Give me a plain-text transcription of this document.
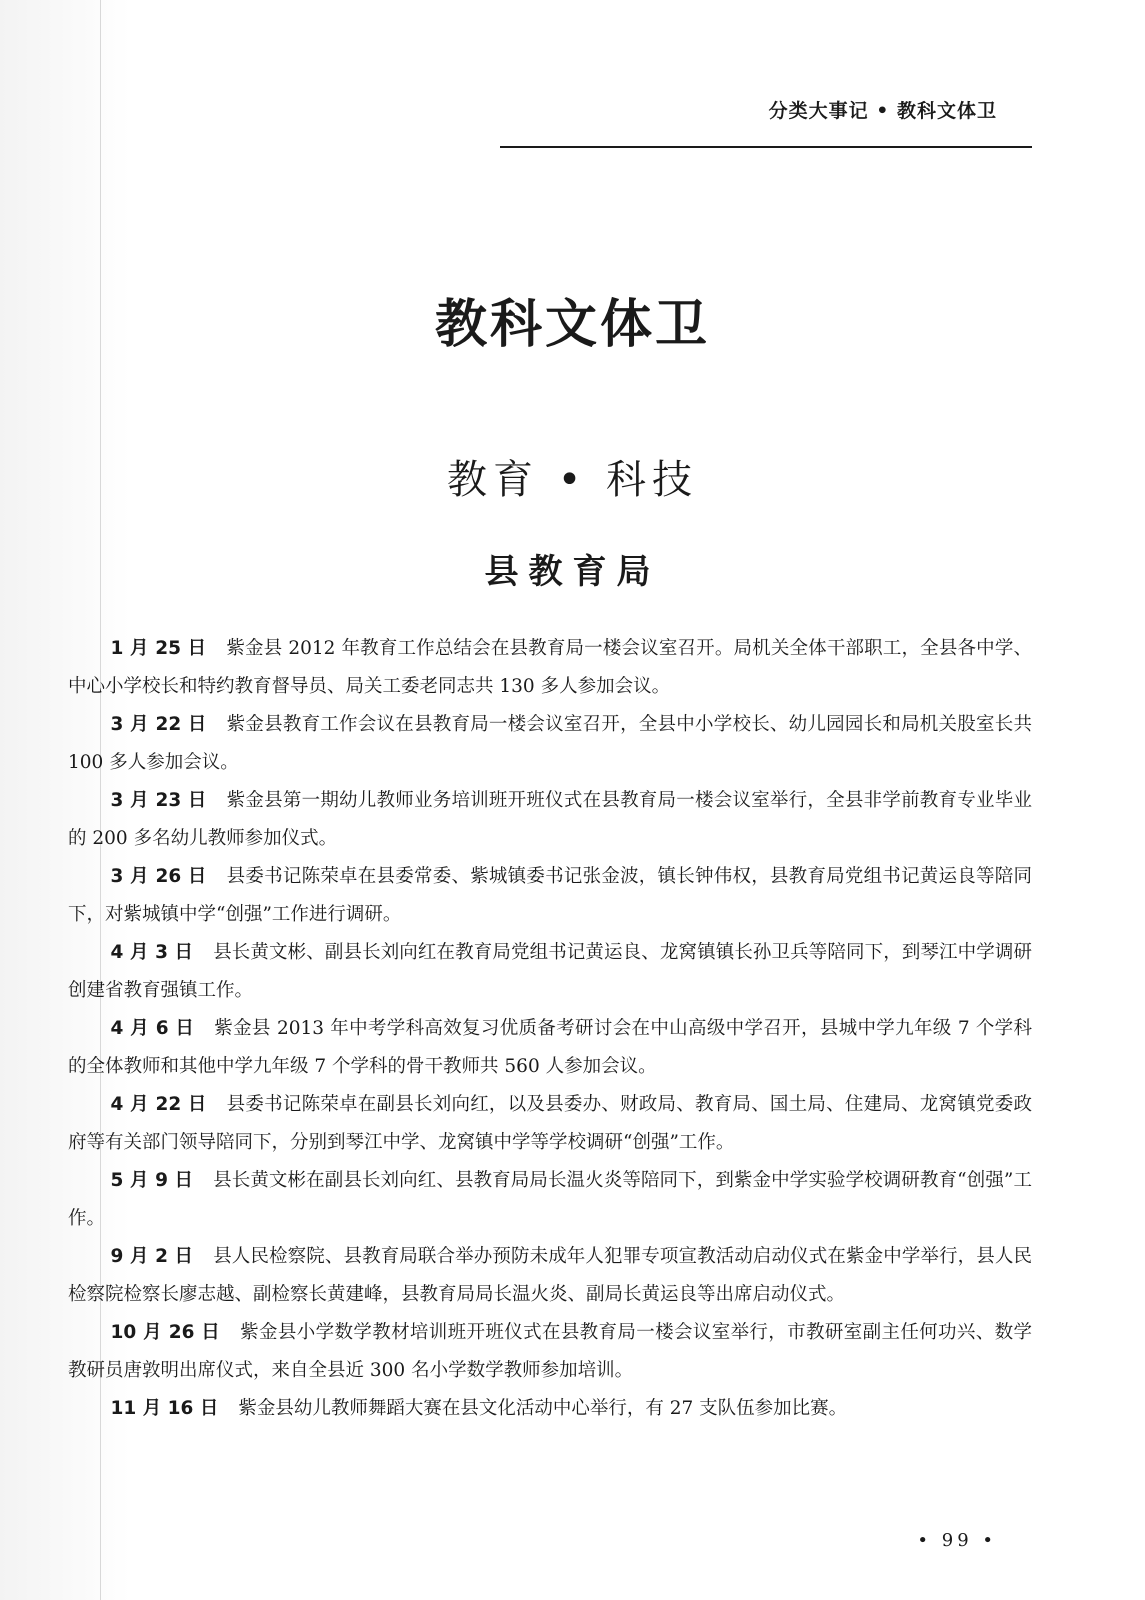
分类大事记 • 教科文体卫
教科文体卫
教育 • 科技
县教育局

1 月 25 日 紫金县 2012 年教育工作总结会在县教育局一楼会议室召开。局机关全体干部职工，全县各中学、中心小学校长和特约教育督导员、局关工委老同志共 130 多人参加会议。

3 月 22 日 紫金县教育工作会议在县教育局一楼会议室召开，全县中小学校长、幼儿园园长和局机关股室长共 100 多人参加会议。

3 月 23 日 紫金县第一期幼儿教师业务培训班开班仪式在县教育局一楼会议室举行，全县非学前教育专业毕业的 200 多名幼儿教师参加仪式。

3 月 26 日 县委书记陈荣卓在县委常委、紫城镇委书记张金波，镇长钟伟权，县教育局党组书记黄运良等陪同下，对紫城镇中学“创强”工作进行调研。

4 月 3 日 县长黄文彬、副县长刘向红在教育局党组书记黄运良、龙窝镇镇长孙卫兵等陪同下，到琴江中学调研创建省教育强镇工作。

4 月 6 日 紫金县 2013 年中考学科高效复习优质备考研讨会在中山高级中学召开，县城中学九年级 7 个学科的全体教师和其他中学九年级 7 个学科的骨干教师共 560 人参加会议。

4 月 22 日 县委书记陈荣卓在副县长刘向红，以及县委办、财政局、教育局、国土局、住建局、龙窝镇党委政府等有关部门领导陪同下，分别到琴江中学、龙窝镇中学等学校调研“创强”工作。

5 月 9 日 县长黄文彬在副县长刘向红、县教育局局长温火炎等陪同下，到紫金中学实验学校调研教育“创强”工作。

9 月 2 日 县人民检察院、县教育局联合举办预防未成年人犯罪专项宣教活动启动仪式在紫金中学举行，县人民检察院检察长廖志越、副检察长黄建峰，县教育局局长温火炎、副局长黄运良等出席启动仪式。

10 月 26 日 紫金县小学数学教材培训班开班仪式在县教育局一楼会议室举行，市教研室副主任何功兴、数学教研员唐敦明出席仪式，来自全县近 300 名小学数学教师参加培训。

11 月 16 日 紫金县幼儿教师舞蹈大赛在县文化活动中心举行，有 27 支队伍参加比赛。

• 99 •
